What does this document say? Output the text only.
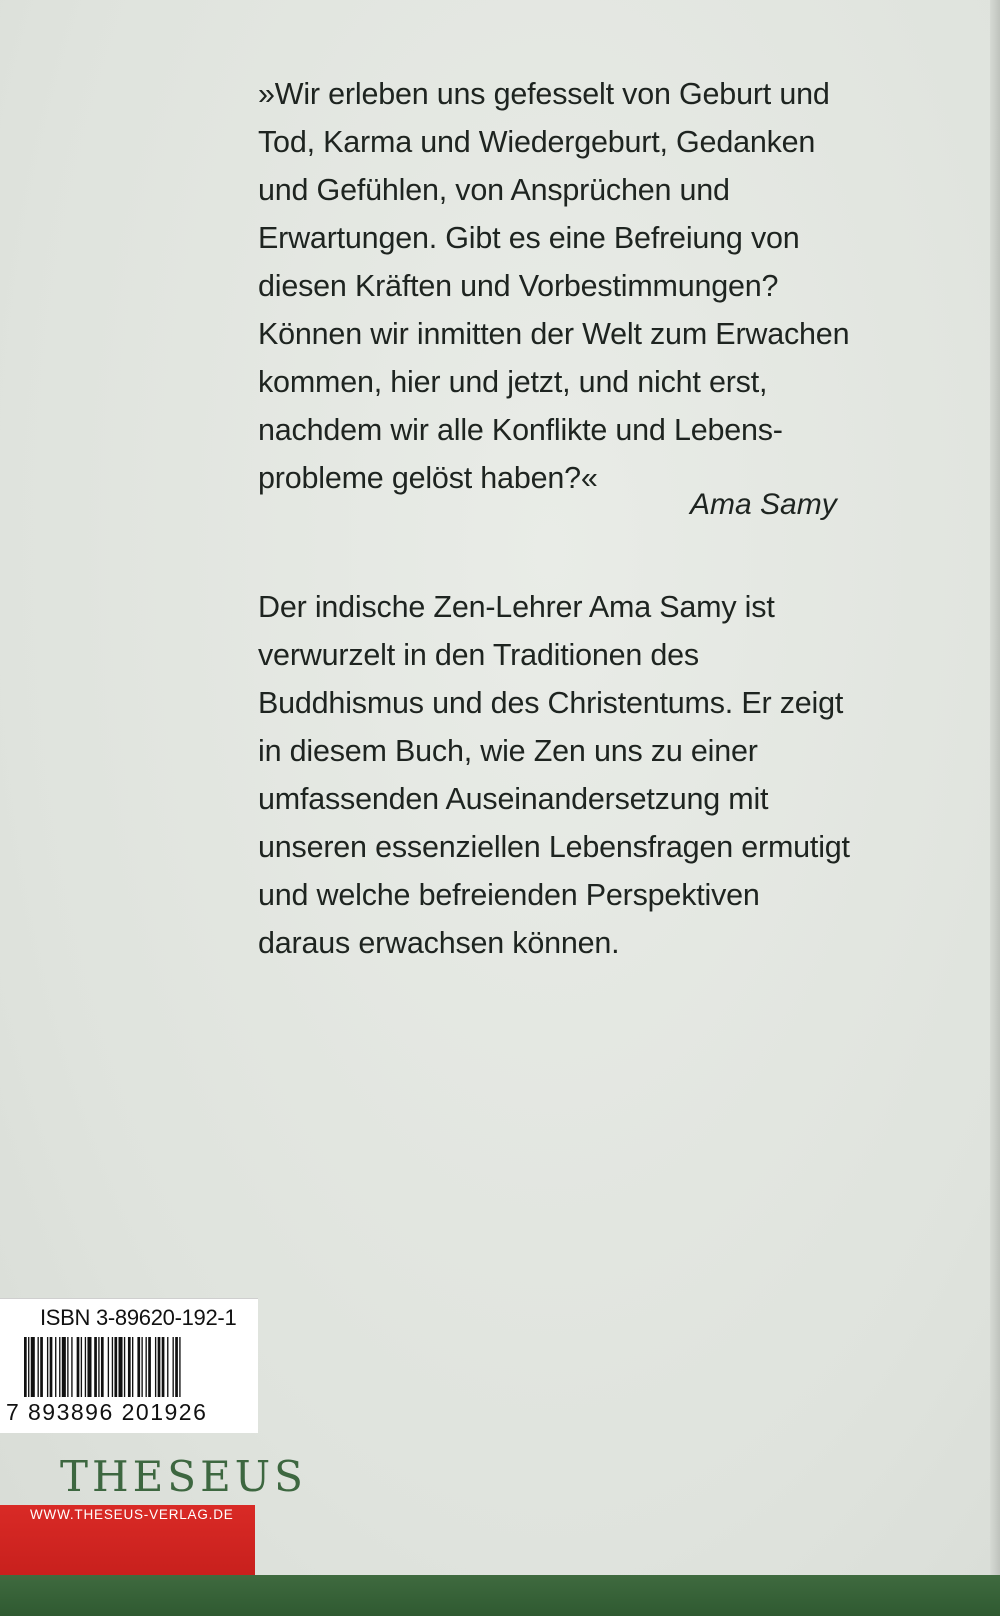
»Wir erleben uns gefesselt von Geburt und
Tod, Karma und Wiedergeburt, Gedanken
und Gefühlen, von Ansprüchen und
Erwartungen. Gibt es eine Befreiung von
diesen Kräften und Vorbestimmungen?
Können wir inmitten der Welt zum Erwachen
kommen, hier und jetzt, und nicht erst,
nachdem wir alle Konflikte und Lebens-
probleme gelöst haben?«
Ama Samy
Der indische Zen-Lehrer Ama Samy ist
verwurzelt in den Traditionen des
Buddhismus und des Christentums. Er zeigt
in diesem Buch, wie Zen uns zu einer
umfassenden Auseinandersetzung mit
unseren essenziellen Lebensfragen ermutigt
und welche befreienden Perspektiven
daraus erwachsen können.
ISBN 3-89620-192-1
7 893896 201926
THESEUS
WWW.THESEUS-VERLAG.DE
